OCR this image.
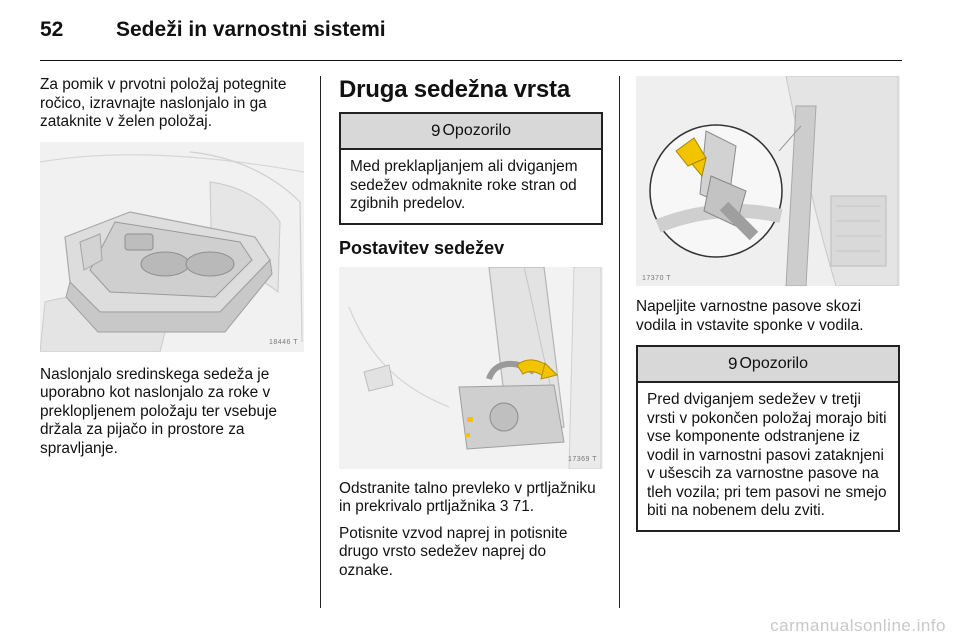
52	Sedeži in varnostni sistemi

Za pomik v prvotni položaj potegnite ročico, izravnajte naslonjalo in ga zataknite v želen položaj.

18446 T

Naslonjalo sredinskega sedeža je uporabno kot naslonjalo za roke v preklopljenem položaju ter vsebuje držala za pijačo in prostore za spravljanje.

Druga sedežna vrsta
9 Opozorilo
Med preklapljanjem ali dviganjem sedežev odmaknite roke stran od zgibnih predelov.
Postavitev sedežev
17369 T

Odstranite talno prevleko v prtljažniku in prekrivalo prtljažnika 3 71.

Potisnite vzvod naprej in potisnite drugo vrsto sedežev naprej do oznake.

17370 T

Napeljite varnostne pasove skozi vodila in vstavite sponke v vodila.

9 Opozorilo
Pred dviganjem sedežev v tretji vrsti v pokončen položaj morajo biti vse komponente odstranjene iz vodil in varnostni pasovi zataknjeni v ušescih za varnostne pasove na tleh vozila; pri tem pasovi ne smejo biti na nobenem delu zviti.
carmanualsonline.info
